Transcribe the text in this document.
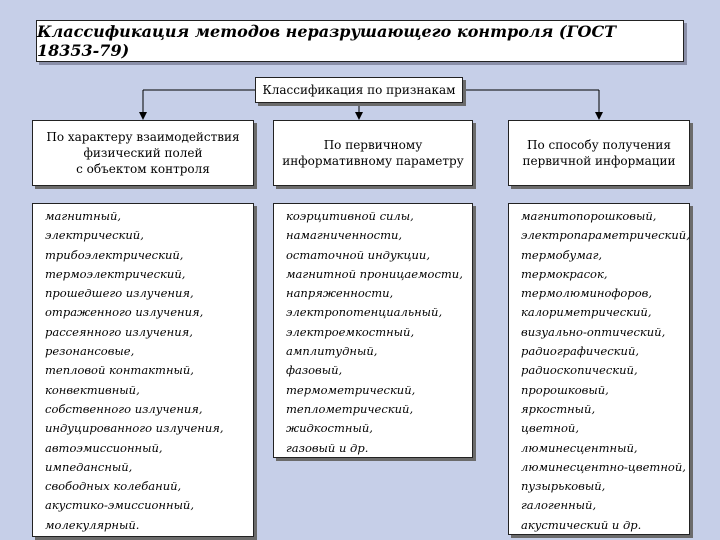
Классификация методов неразрушающего контроля (ГОСТ 18353-79)
Классификация по признакам
По характеру взаимодействия
физический полей
с объектом контроля
По первичному
информативному параметру
По способу получения
первичной информации
магнитный,
электрический,
трибоэлектрический,
термоэлектрический,
прошедшего излучения,
отраженного излучения,
рассеянного излучения,
резонансовые,
тепловой контактный,
конвективный,
собственного излучения,
индуцированного излучения,
автоэмиссионный,
импедансный,
свободных колебаний,
акустико-эмиссионный,
молекулярный.
коэрцитивной силы,
намагниченности,
остаточной индукции,
магнитной проницаемости,
напряженности,
электропотенциальный,
электроемкостный,
амплитудный,
фазовый,
термометрический,
теплометрический,
жидкостный,
газовый и др.
магнитопорошковый,
электропараметрический,
термобумаг,
термокрасок,
термолюминофоров,
калориметрический,
визуально-оптический,
радиографический,
радиоскопический,
пророшковый,
яркостный,
цветной,
люминесцентный,
люминесцентно-цветной,
пузырьковый,
галогенный,
акустический и др.
